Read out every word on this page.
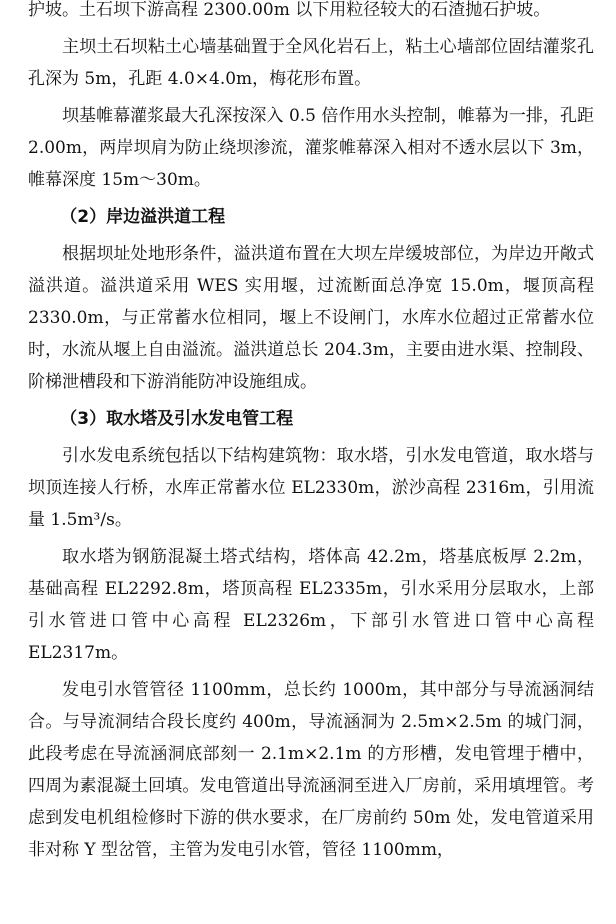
护坡。土石坝下游高程 2300.00m 以下用粒径较大的石渣抛石护坡。

主坝土石坝粘土心墙基础置于全风化岩石上，粘土心墙部位固结灌浆孔孔深为 5m，孔距 4.0×4.0m，梅花形布置。

坝基帷幕灌浆最大孔深按深入 0.5 倍作用水头控制，帷幕为一排，孔距 2.00m，两岸坝肩为防止绕坝渗流，灌浆帷幕深入相对不透水层以下 3m，帷幕深度 15m～30m。

（2）岸边溢洪道工程

根据坝址处地形条件，溢洪道布置在大坝左岸缓坡部位，为岸边开敞式溢洪道。溢洪道采用 WES 实用堰，过流断面总净宽 15.0m，堰顶高程 2330.0m，与正常蓄水位相同，堰上不设闸门，水库水位超过正常蓄水位时，水流从堰上自由溢流。溢洪道总长 204.3m，主要由进水渠、控制段、阶梯泄槽段和下游消能防冲设施组成。

（3）取水塔及引水发电管工程

引水发电系统包括以下结构建筑物：取水塔，引水发电管道，取水塔与坝顶连接人行桥，水库正常蓄水位 EL2330m，淤沙高程 2316m，引用流量 1.5m³/s。

取水塔为钢筋混凝土塔式结构，塔体高 42.2m，塔基底板厚 2.2m，基础高程 EL2292.8m，塔顶高程 EL2335m，引水采用分层取水，上部引水管进口管中心高程 EL2326m，下部引水管进口管中心高程 EL2317m。

发电引水管管径 1100mm，总长约 1000m，其中部分与导流涵洞结合。与导流洞结合段长度约 400m，导流涵洞为 2.5m×2.5m 的城门洞，此段考虑在导流涵洞底部刻一 2.1m×2.1m 的方形槽，发电管埋于槽中，四周为素混凝土回填。发电管道出导流涵洞至进入厂房前，采用填埋管。考虑到发电机组检修时下游的供水要求，在厂房前约 50m 处，发电管道采用非对称 Y 型岔管，主管为发电引水管，管径 1100mm，
